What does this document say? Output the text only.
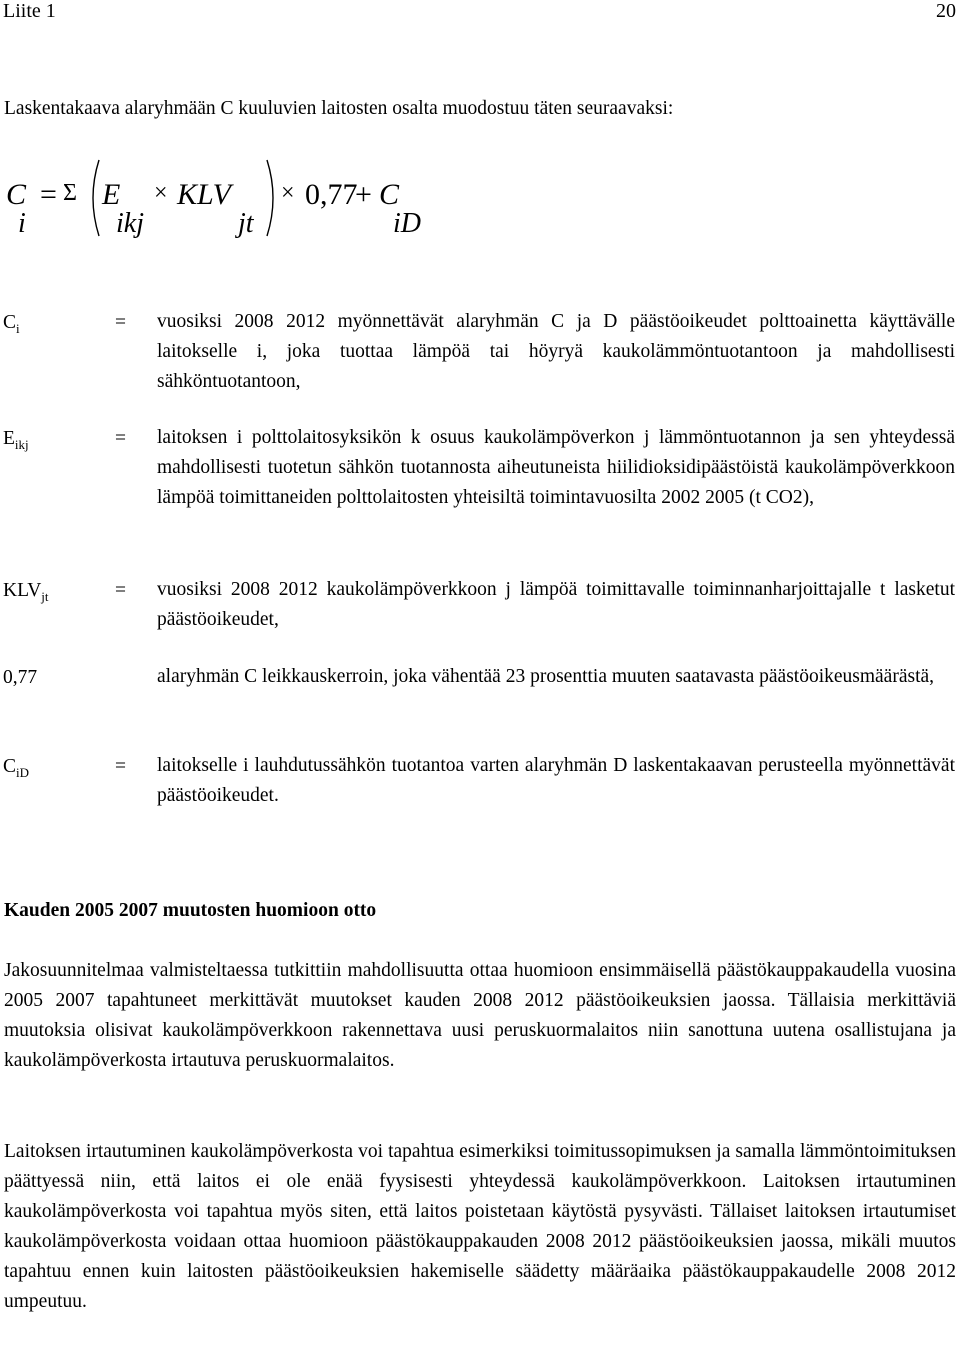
Liite 1	20
Laskentakaava alaryhmään C kuuluvien laitosten osalta muodostuu täten seuraavaksi:
C
i
= Σ E
ikj
× KLV
jt
× 0,77
+ C
iD
$C_i$	= vuosiksi 2008 2012 myönnettävät alaryhmän C ja D päästöoikeudet polttoainetta käyttävälle laitokselle i, joka tuottaa lämpöä tai höyryä kaukolämmöntuotantoon ja mahdollisesti sähköntuotantoon,
$E_{ikj}$	= laitoksen i polttolaitosyksikön k osuus kaukolämpöverkon j lämmöntuotannon ja sen yhteydessä mahdollisesti tuotetun sähkön tuotannosta aiheutuneista hiilidioksidipäästöistä kaukolämpöverkkoon lämpöä toimittaneiden polttolaitosten yhteisiltä toimintavuosilta 2002 2005 (t CO2),
$KLV_{jt}$	= vuosiksi 2008 2012 kaukolämpöverkkoon j lämpöä toimittavalle toiminnanharjoittajalle t lasketut päästöoikeudet,
0,77	alaryhmän C leikkauskerroin, joka vähentää 23 prosenttia muuten saatavasta päästöoikeusmäärästä,
$C_{iD}$	= laitokselle i lauhdutussähkön tuotantoa varten alaryhmän D laskentakaavan perusteella myönnettävät päästöoikeudet.
Kauden 2005 2007 muutosten huomioon otto
Jakosuunnitelmaa valmisteltaessa tutkittiin mahdollisuutta ottaa huomioon ensimmäisellä päästökauppakaudella vuosina 2005 2007 tapahtuneet merkittävät muutokset kauden 2008 2012 päästöoikeuksien jaossa. Tällaisia merkittäviä muutoksia olisivat kaukolämpöverkkoon rakennettava uusi peruskuormalaitos niin sanottuna uutena osallistujana ja kaukolämpöverkosta irtautuva peruskuormalaitos.
Laitoksen irtautuminen kaukolämpöverkosta voi tapahtua esimerkiksi toimitussopimuksen ja samalla lämmöntoimituksen päättyessä niin, että laitos ei ole enää fyysisesti yhteydessä kaukolämpöverkkoon. Laitoksen irtautuminen kaukolämpöverkosta voi tapahtua myös siten, että laitos poistetaan käytöstä pysyvästi. Tällaiset laitoksen irtautumiset kaukolämpöverkosta voidaan ottaa huomioon päästökauppakauden 2008 2012 päästöoikeuksien jaossa, mikäli muutos tapahtuu ennen kuin laitosten päästöoikeuksien hakemiselle säädetty määräaika päästökauppakaudelle 2008 2012 umpeutuu.
